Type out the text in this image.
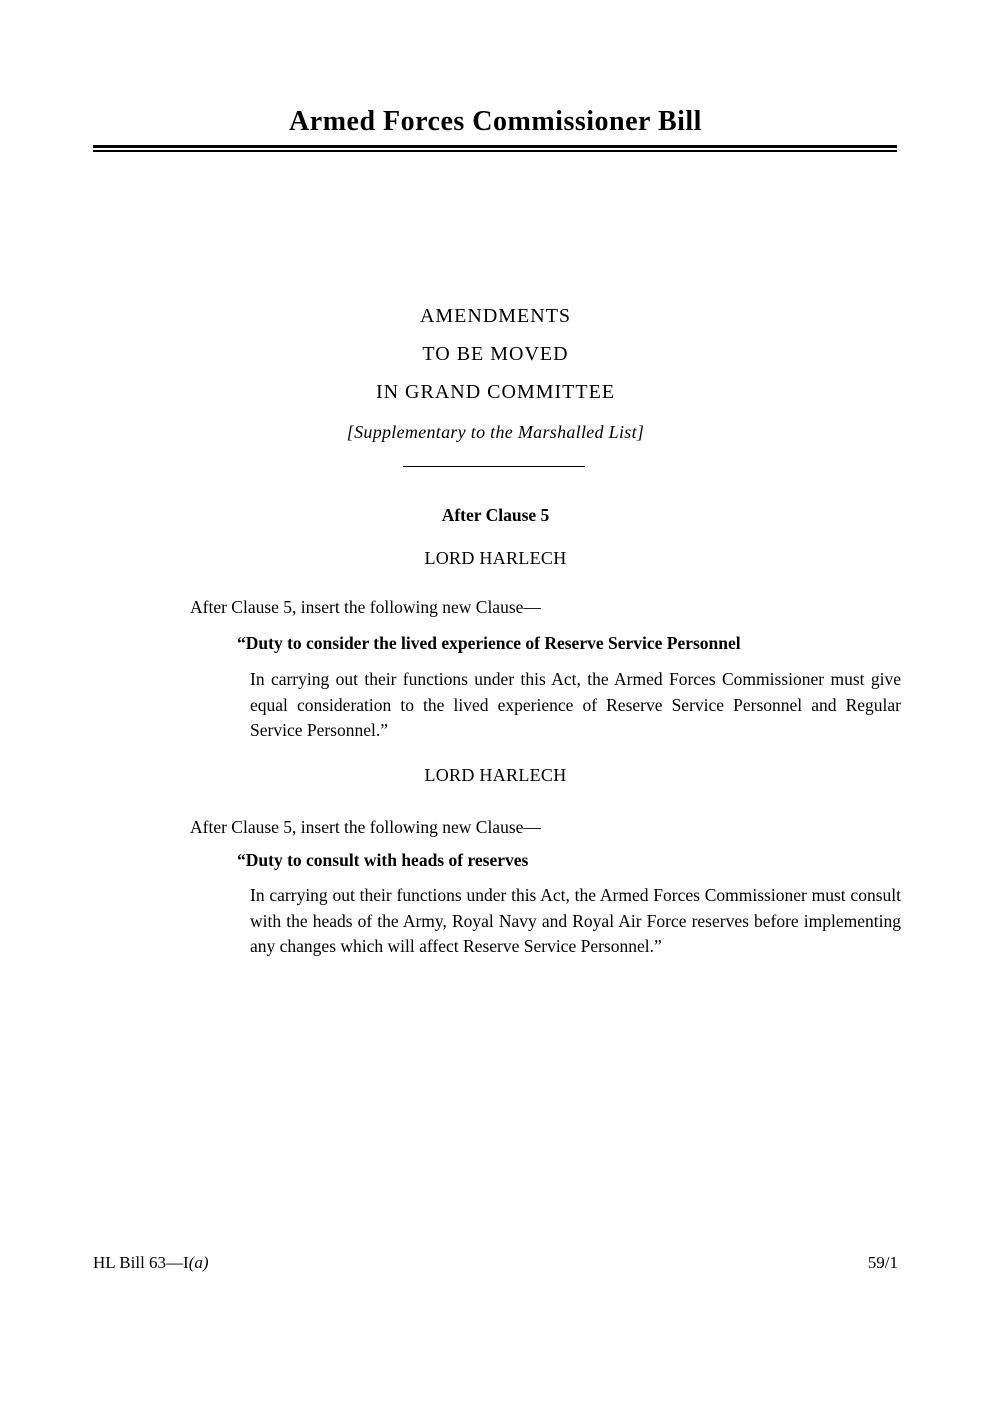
Armed Forces Commissioner Bill
AMENDMENTS
TO BE MOVED
IN GRAND COMMITTEE
[Supplementary to the Marshalled List]
After Clause 5
LORD HARLECH
After Clause 5, insert the following new Clause—
“Duty to consider the lived experience of Reserve Service Personnel
In carrying out their functions under this Act, the Armed Forces Commissioner must give equal consideration to the lived experience of Reserve Service Personnel and Regular Service Personnel.”
LORD HARLECH
After Clause 5, insert the following new Clause—
“Duty to consult with heads of reserves
In carrying out their functions under this Act, the Armed Forces Commissioner must consult with the heads of the Army, Royal Navy and Royal Air Force reserves before implementing any changes which will affect Reserve Service Personnel.”
HL Bill 63—I(a)	59/1
